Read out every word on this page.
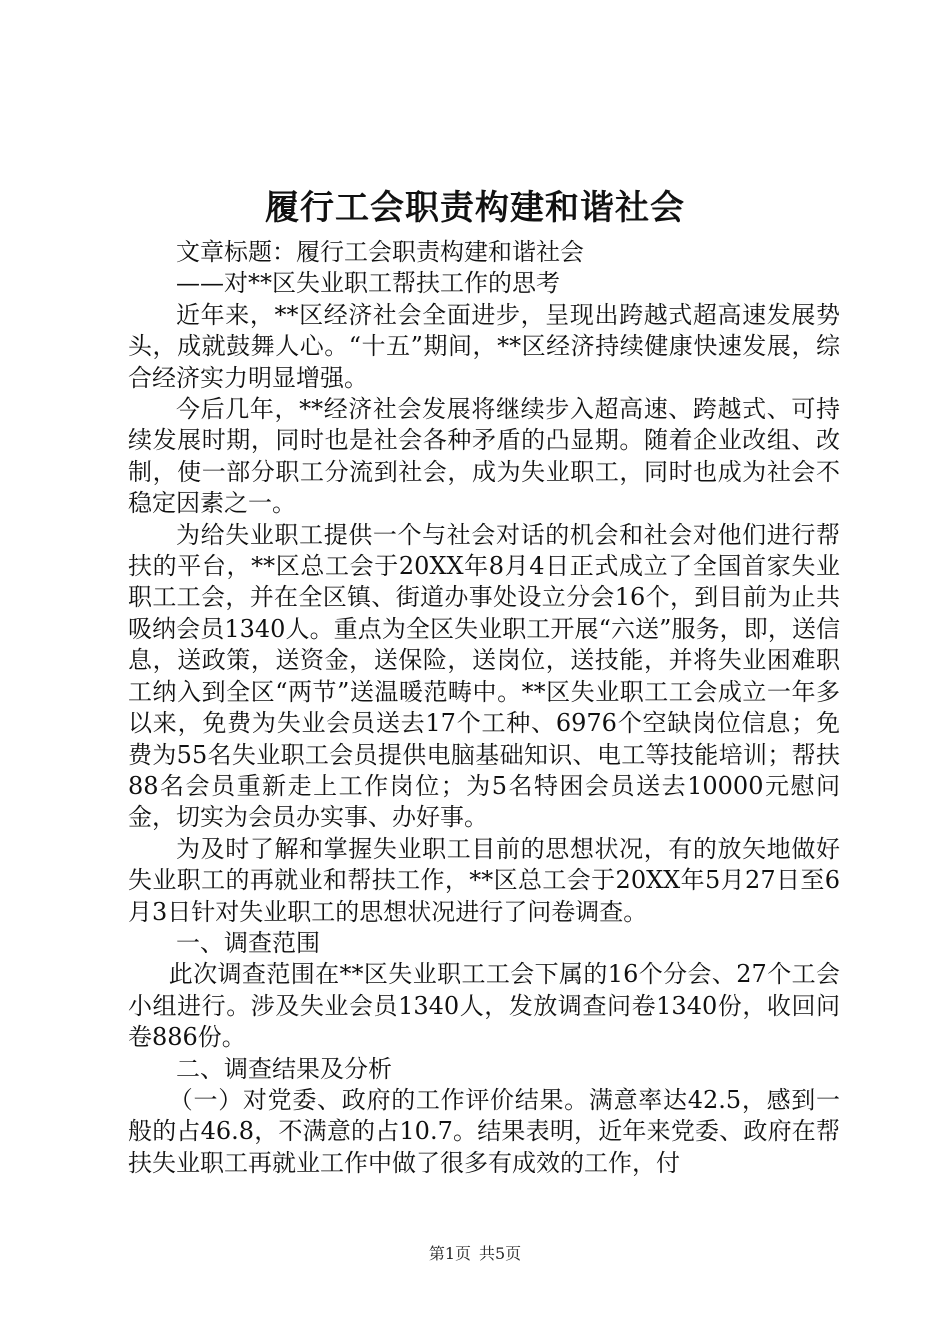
履行工会职责构建和谐社会

文章标题：履行工会职责构建和谐社会

——对**区失业职工帮扶工作的思考

近年来，**区经济社会全面进步，呈现出跨越式超高速发展势头，成就鼓舞人心。“十五”期间，**区经济持续健康快速发展，综合经济实力明显增强。

今后几年，**经济社会发展将继续步入超高速、跨越式、可持续发展时期，同时也是社会各种矛盾的凸显期。随着企业改组、改制，使一部分职工分流到社会，成为失业职工，同时也成为社会不稳定因素之一。

为给失业职工提供一个与社会对话的机会和社会对他们进行帮扶的平台，**区总工会于20XX年8月4日正式成立了全国首家失业职工工会，并在全区镇、街道办事处设立分会16个，到目前为止共吸纳会员1340人。重点为全区失业职工开展“六送”服务，即，送信息，送政策，送资金，送保险，送岗位，送技能，并将失业困难职工纳入到全区“两节”送温暖范畴中。**区失业职工工会成立一年多以来，免费为失业会员送去17个工种、6976个空缺岗位信息；免费为55名失业职工会员提供电脑基础知识、电工等技能培训；帮扶88名会员重新走上工作岗位；为5名特困会员送去10000元慰问金，切实为会员办实事、办好事。

为及时了解和掌握失业职工目前的思想状况，有的放矢地做好失业职工的再就业和帮扶工作，**区总工会于20XX年5月27日至6月3日针对失业职工的思想状况进行了问卷调查。

一、调查范围

此次调查范围在**区失业职工工会下属的16个分会、27个工会小组进行。涉及失业会员1340人，发放调查问卷1340份，收回问卷886份。

二、调查结果及分析

（一）对党委、政府的工作评价结果。满意率达42.5，感到一般的占46.8，不满意的占10.7。结果表明，近年来党委、政府在帮扶失业职工再就业工作中做了很多有成效的工作，付

第1页 共5页
